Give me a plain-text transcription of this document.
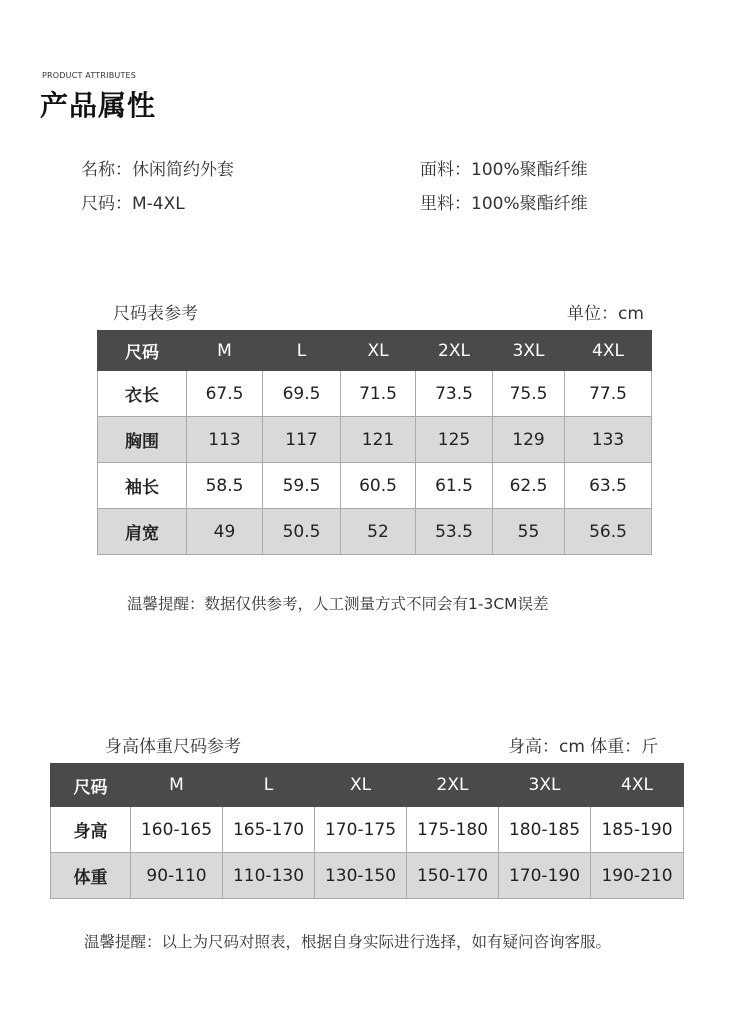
PRODUCT ATTRIBUTES
产品属性
名称：休闲简约外套	面料：100%聚酯纤维
尺码：M-4XL	里料：100%聚酯纤维
尺码表参考	单位：cm
尺码	M	L	XL	2XL	3XL	4XL
衣长	67.5	69.5	71.5	73.5	75.5	77.5
胸围	113	117	121	125	129	133
袖长	58.5	59.5	60.5	61.5	62.5	63.5
肩宽	49	50.5	52	53.5	55	56.5
温馨提醒：数据仅供参考，人工测量方式不同会有1-3CM误差
身高体重尺码参考	身高：cm 体重：斤
尺码	M	L	XL	2XL	3XL	4XL
身高	160-165	165-170	170-175	175-180	180-185	185-190
体重	90-110	110-130	130-150	150-170	170-190	190-210
温馨提醒：以上为尺码对照表，根据自身实际进行选择，如有疑问咨询客服。
